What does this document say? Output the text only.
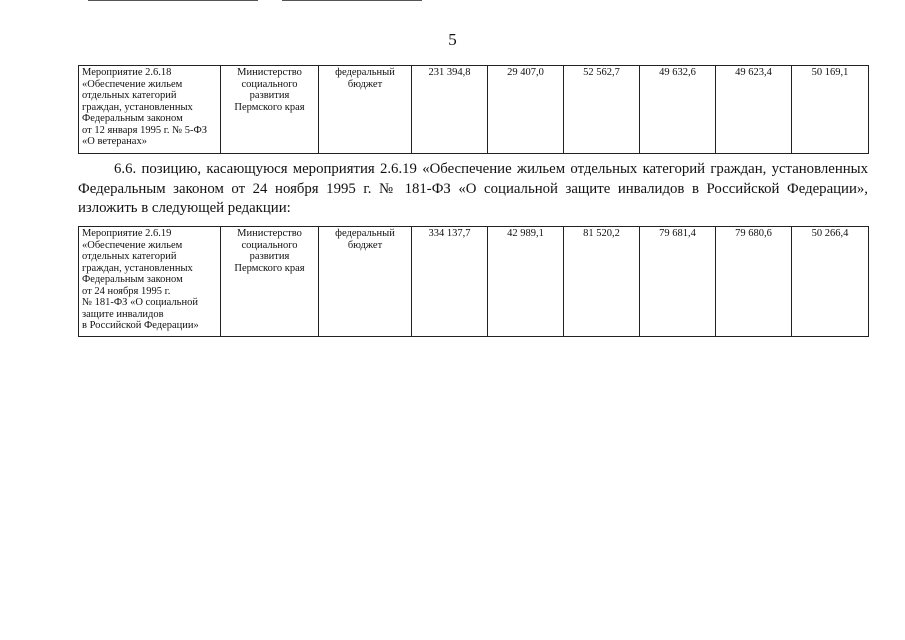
5
Мероприятие 2.6.18
«Обеспечение жильем
отдельных категорий
граждан, установленных
Федеральным законом
от 12 января 1995 г. № 5-ФЗ
«О ветеранах»

Министерство
социального
развития
Пермского края

федеральный
бюджет
	231 394,8	29 407,0	52 562,7	49 632,6	49 623,4	50 169,1
6.6. позицию, касающуюся мероприятия 2.6.19 «Обеспечение жильем отдельных категорий граждан, установленных Федеральным законом от 24 ноября 1995 г. № 181-ФЗ «О социальной защите инвалидов в Российской Федерации», изложить в следующей редакции:
Мероприятие 2.6.19
«Обеспечение жильем
отдельных категорий
граждан, установленных
Федеральным законом
от 24 ноября 1995 г.
№ 181-ФЗ «О социальной
защите инвалидов
в Российской Федерации»

Министерство
социального
развития
Пермского края

федеральный
бюджет
	334 137,7	42 989,1	81 520,2	79 681,4	79 680,6	50 266,4
